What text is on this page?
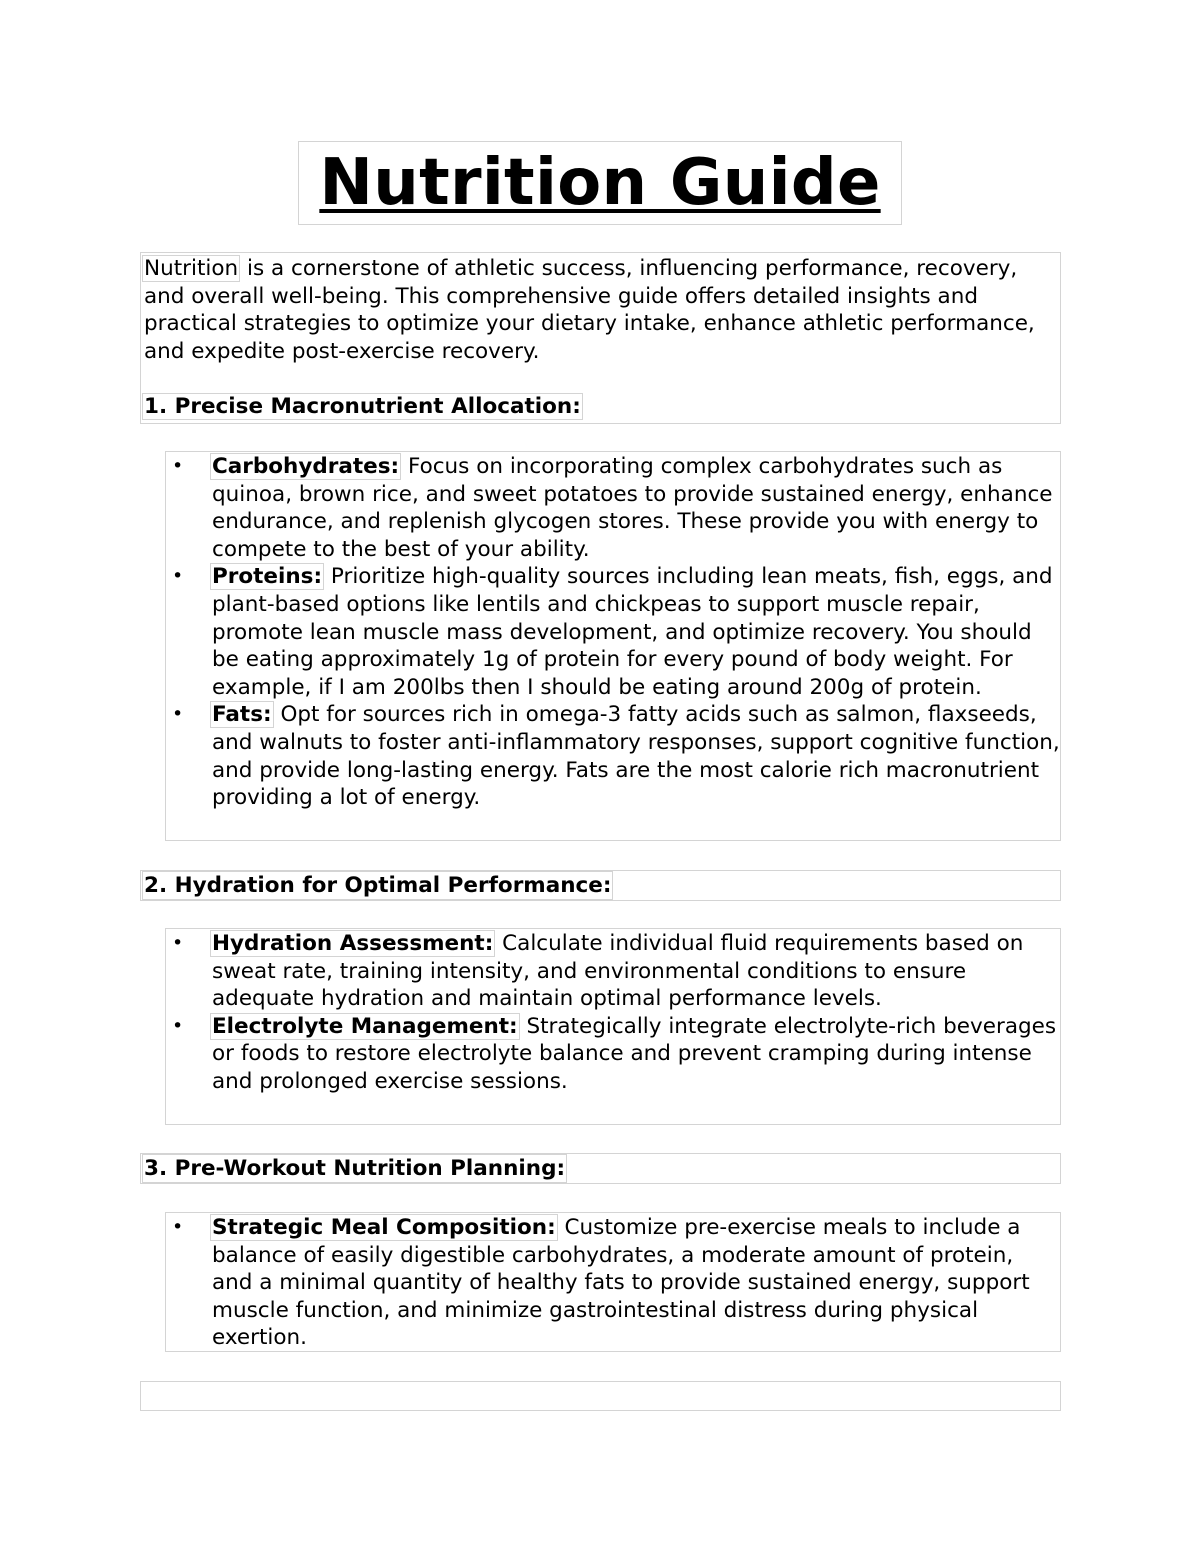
Nutrition Guide

Nutrition is a cornerstone of athletic success, influencing performance, recovery, and overall well-being. This comprehensive guide offers detailed insights and practical strategies to optimize your dietary intake, enhance athletic performance, and expedite post-exercise recovery.

1. Precise Macronutrient Allocation:
• Carbohydrates: Focus on incorporating complex carbohydrates such as quinoa, brown rice, and sweet potatoes to provide sustained energy, enhance endurance, and replenish glycogen stores. These provide you with energy to compete to the best of your ability.
• Proteins: Prioritize high-quality sources including lean meats, fish, eggs, and plant-based options like lentils and chickpeas to support muscle repair, promote lean muscle mass development, and optimize recovery. You should be eating approximately 1g of protein for every pound of body weight. For example, if I am 200lbs then I should be eating around 200g of protein.
• Fats: Opt for sources rich in omega-3 fatty acids such as salmon, flaxseeds, and walnuts to foster anti-inflammatory responses, support cognitive function, and provide long-lasting energy. Fats are the most calorie rich macronutrient providing a lot of energy.
2. Hydration for Optimal Performance:
• Hydration Assessment: Calculate individual fluid requirements based on sweat rate, training intensity, and environmental conditions to ensure adequate hydration and maintain optimal performance levels.
• Electrolyte Management: Strategically integrate electrolyte-rich beverages or foods to restore electrolyte balance and prevent cramping during intense and prolonged exercise sessions.
3. Pre-Workout Nutrition Planning:
• Strategic Meal Composition: Customize pre-exercise meals to include a balance of easily digestible carbohydrates, a moderate amount of protein, and a minimal quantity of healthy fats to provide sustained energy, support muscle function, and minimize gastrointestinal distress during physical exertion.
